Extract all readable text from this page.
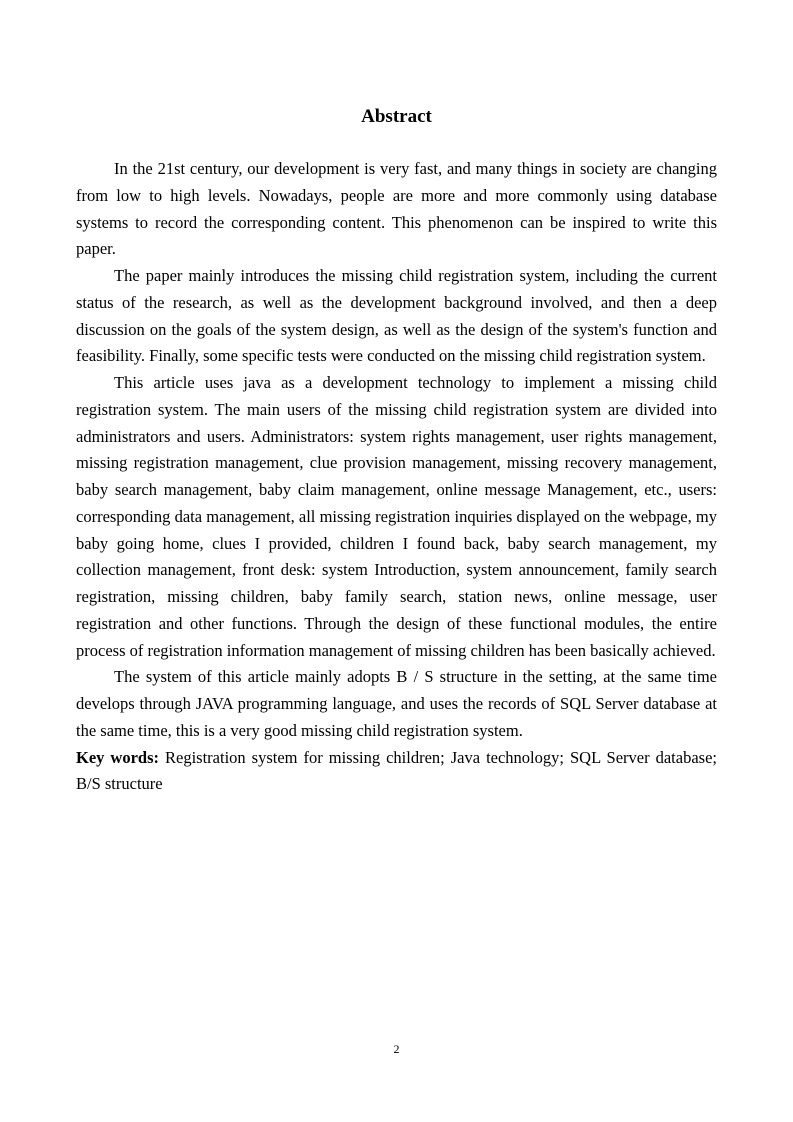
Abstract

In the 21st century, our development is very fast, and many things in society are changing from low to high levels. Nowadays, people are more and more commonly using database systems to record the corresponding content. This phenomenon can be inspired to write this paper.

The paper mainly introduces the missing child registration system, including the current status of the research, as well as the development background involved, and then a deep discussion on the goals of the system design, as well as the design of the system's function and feasibility. Finally, some specific tests were conducted on the missing child registration system.

This article uses java as a development technology to implement a missing child registration system. The main users of the missing child registration system are divided into administrators and users. Administrators: system rights management, user rights management, missing registration management, clue provision management, missing recovery management, baby search management, baby claim management, online message Management, etc., users: corresponding data management, all missing registration inquiries displayed on the webpage, my baby going home, clues I provided, children I found back, baby search management, my collection management, front desk: system Introduction, system announcement, family search registration, missing children, baby family search, station news, online message, user registration and other functions. Through the design of these functional modules, the entire process of registration information management of missing children has been basically achieved.

The system of this article mainly adopts B / S structure in the setting, at the same time develops through JAVA programming language, and uses the records of SQL Server database at the same time, this is a very good missing child registration system.

Key words: Registration system for missing children; Java technology; SQL Server database; B/S structure

2
